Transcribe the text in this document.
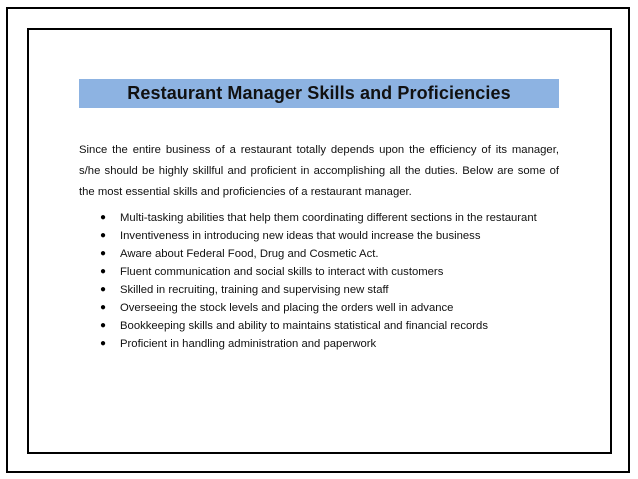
Restaurant Manager Skills and Proficiencies

Since the entire business of a restaurant totally depends upon the efficiency of its manager, s/he should be highly skillful and proficient in accomplishing all the duties. Below are some of the most essential skills and proficiencies of a restaurant manager.

● Multi-tasking abilities that help them coordinating different sections in the restaurant
● Inventiveness in introducing new ideas that would increase the business
● Aware about Federal Food, Drug and Cosmetic Act.
● Fluent communication and social skills to interact with customers
● Skilled in recruiting, training and supervising new staff
● Overseeing the stock levels and placing the orders well in advance
● Bookkeeping skills and ability to maintains statistical and financial records
● Proficient in handling administration and paperwork
